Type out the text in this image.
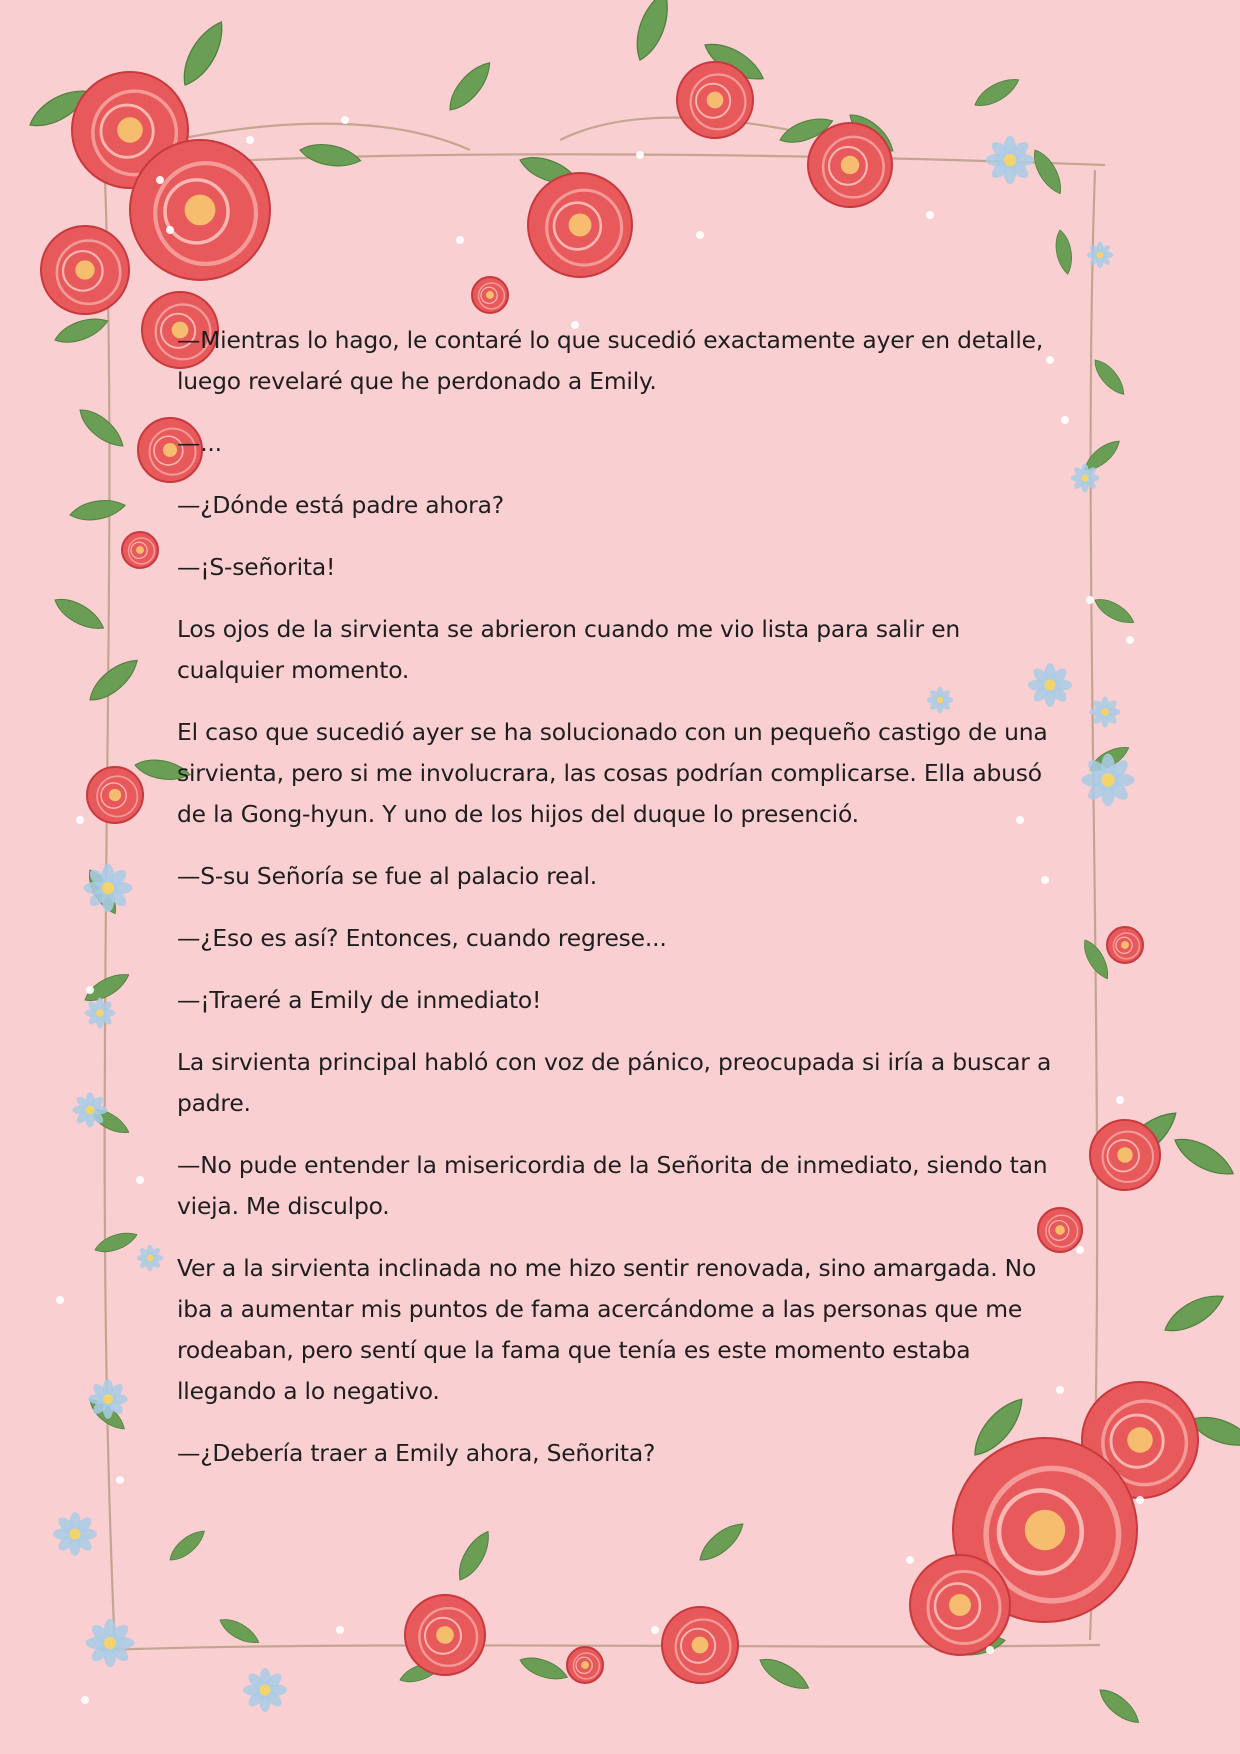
—Mientras lo hago, le contaré lo que sucedió exactamente ayer en detalle, luego revelaré que he perdonado a Emily.

—...

—¿Dónde está padre ahora?

—¡S-señorita!

Los ojos de la sirvienta se abrieron cuando me vio lista para salir en cualquier momento.

El caso que sucedió ayer se ha solucionado con un pequeño castigo de una sirvienta, pero si me involucrara, las cosas podrían complicarse. Ella abusó de la Gong-hyun. Y uno de los hijos del duque lo presenció.

—S-su Señoría se fue al palacio real.

—¿Eso es así? Entonces, cuando regrese...

—¡Traeré a Emily de inmediato!

La sirvienta principal habló con voz de pánico, preocupada si iría a buscar a padre.

—No pude entender la misericordia de la Señorita de inmediato, siendo tan vieja. Me disculpo.

Ver a la sirvienta inclinada no me hizo sentir renovada, sino amargada. No iba a aumentar mis puntos de fama acercándome a las personas que me rodeaban, pero sentí que la fama que tenía es este momento estaba llegando a lo negativo.

—¿Debería traer a Emily ahora, Señorita?
